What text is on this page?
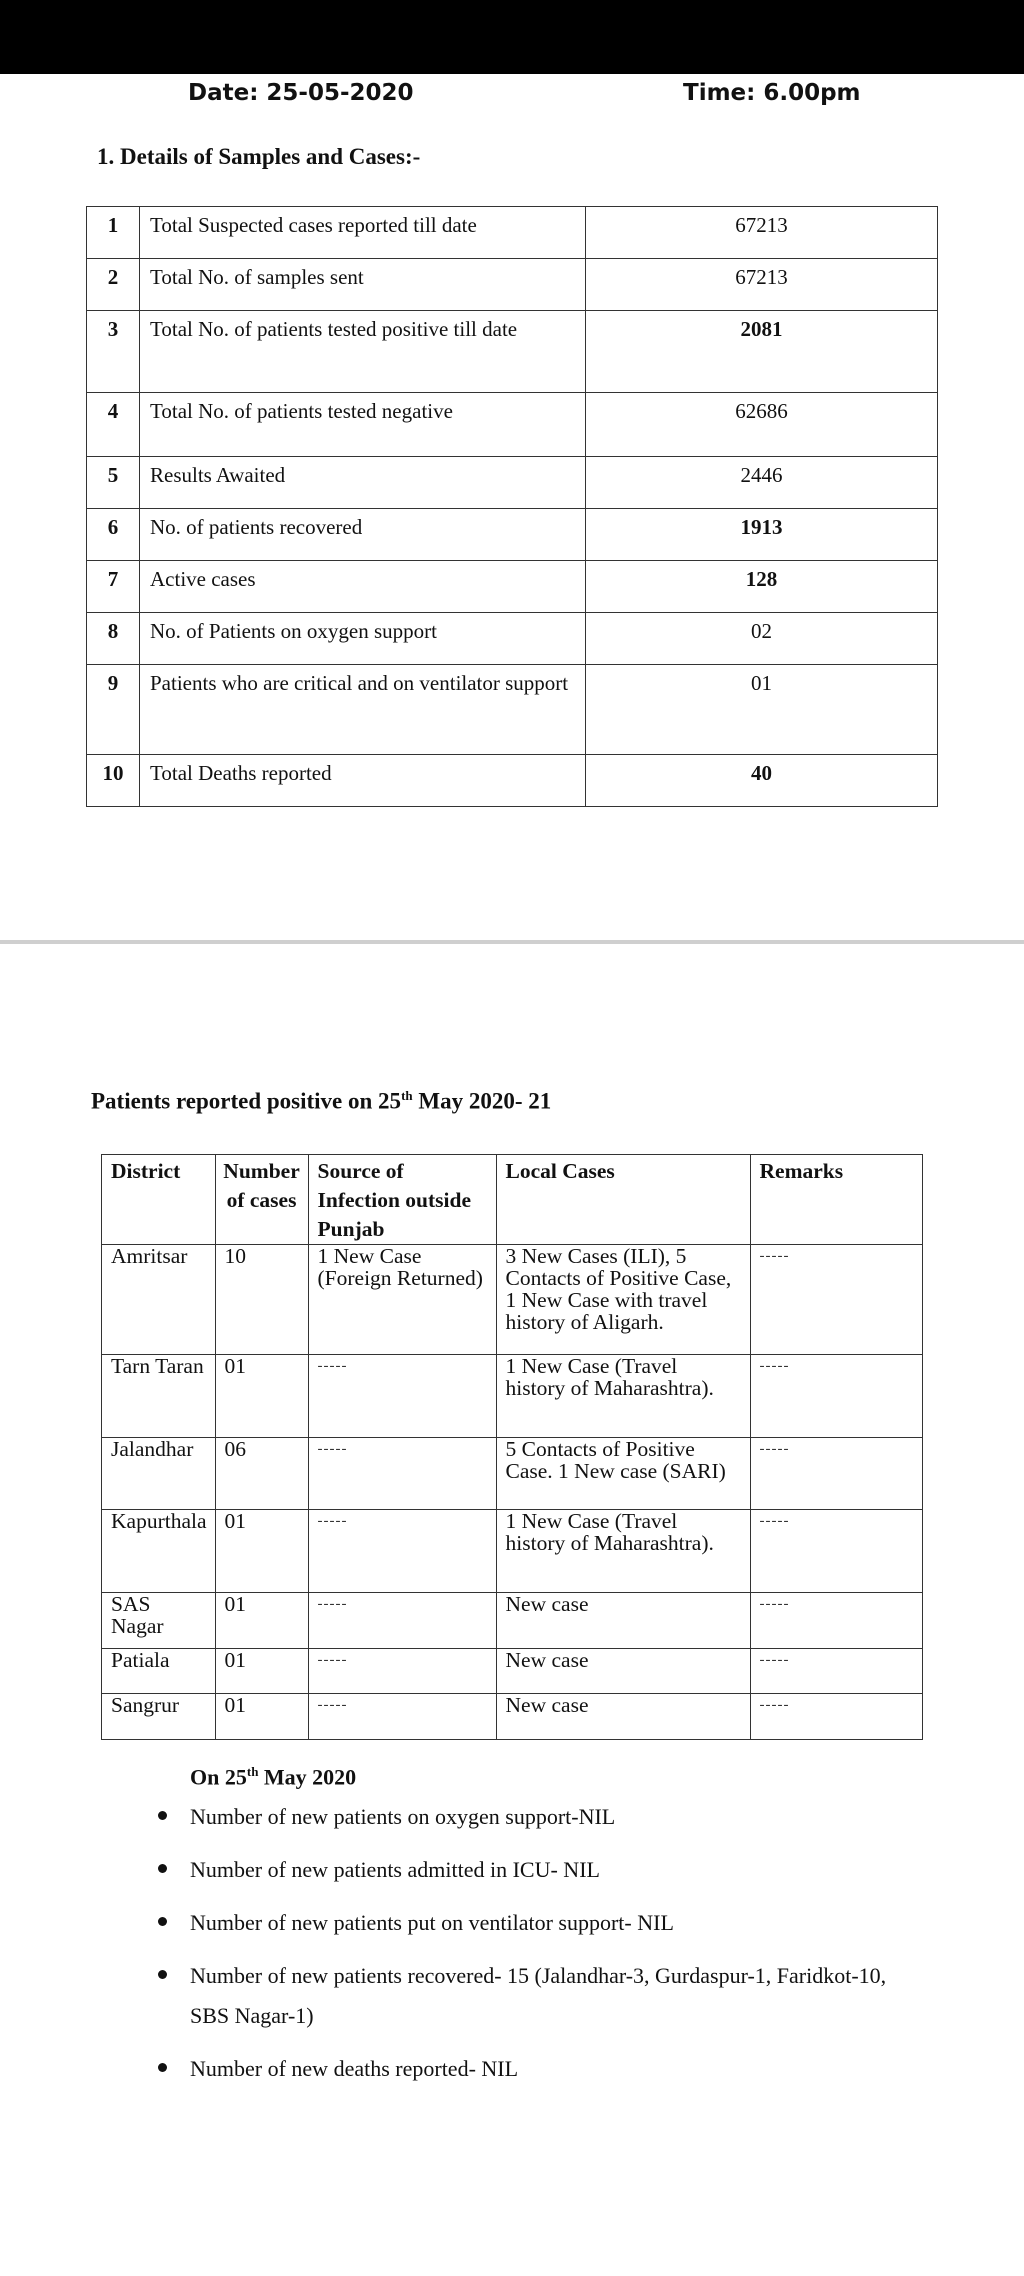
Date: 25-05-2020	Time: 6.00pm
1. Details of Samples and Cases:-
1	Total Suspected cases reported till date	67213
2	Total No. of samples sent	67213
3	Total No. of patients tested positive till date	2081
4	Total No. of patients tested negative	62686
5	Results Awaited	2446
6	No. of patients recovered	1913
7	Active cases	128
8	No. of Patients on oxygen support	02
9	Patients who are critical and on ventilator support	01
10	Total Deaths reported	40
Patients reported positive on 25th May 2020- 21
District	Number of cases	Source of Infection outside Punjab	Local Cases	Remarks
Amritsar	10	1 New Case (Foreign Returned)	3 New Cases (ILI), 5 Contacts of Positive Case, 1 New Case with travel history of Aligarh.	-----
Tarn Taran	01	-----	1 New Case (Travel history of Maharashtra).	-----
Jalandhar	06	-----	5 Contacts of Positive Case. 1 New case (SARI)	-----
Kapurthala	01	-----	1 New Case (Travel history of Maharashtra).	-----
SAS Nagar	01	-----	New case	-----
Patiala	01	-----	New case	-----
Sangrur	01	-----	New case	-----
On 25th May 2020
Number of new patients on oxygen support-NIL
Number of new patients admitted in ICU- NIL
Number of new patients put on ventilator support- NIL
Number of new patients recovered- 15 (Jalandhar-3, Gurdaspur-1, Faridkot-10, SBS Nagar-1)
Number of new deaths reported- NIL
